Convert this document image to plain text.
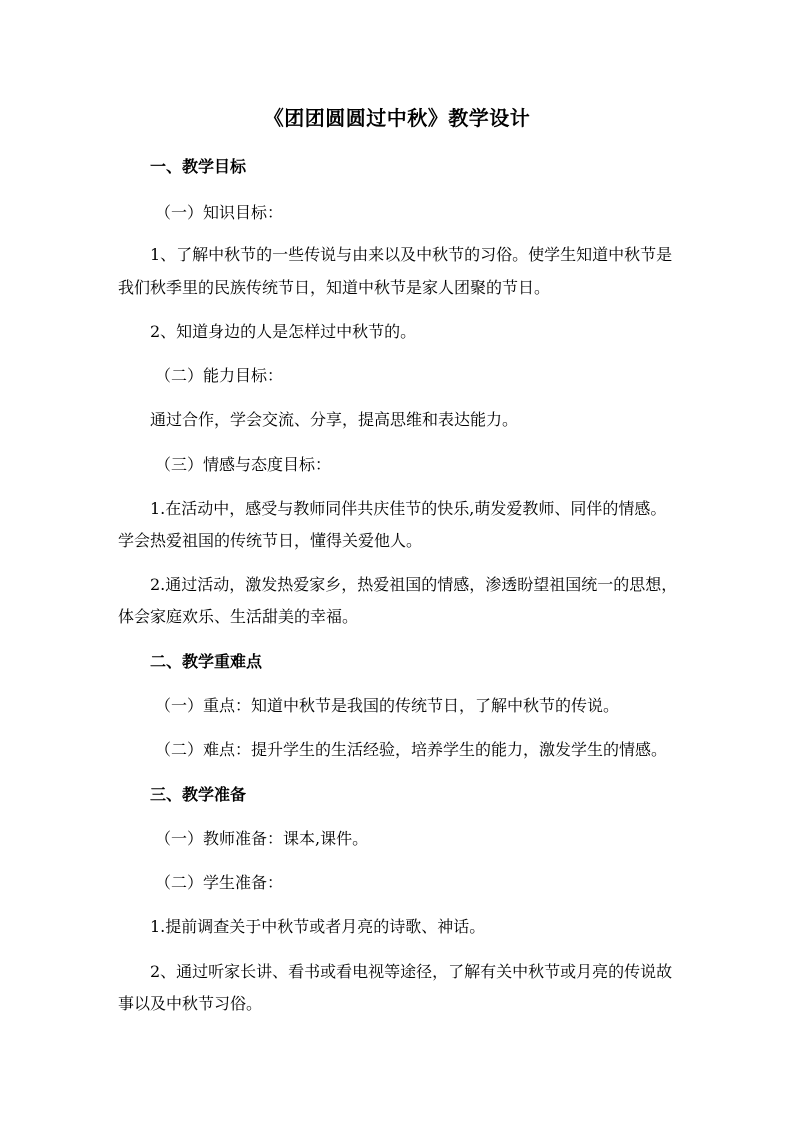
《团团圆圆过中秋》教学设计
一、教学目标
（一）知识目标：
1、了解中秋节的一些传说与由来以及中秋节的习俗。使学生知道中秋节是
我们秋季里的民族传统节日，知道中秋节是家人团聚的节日。
2、知道身边的人是怎样过中秋节的。
（二）能力目标：
通过合作，学会交流、分享，提高思维和表达能力。
（三）情感与态度目标：
1.在活动中，感受与教师同伴共庆佳节的快乐,萌发爱教师、同伴的情感。
学会热爱祖国的传统节日，懂得关爱他人。
2.通过活动，激发热爱家乡，热爱祖国的情感，渗透盼望祖国统一的思想，
体会家庭欢乐、生活甜美的幸福。
二、教学重难点
（一）重点：知道中秋节是我国的传统节日，了解中秋节的传说。
（二）难点：提升学生的生活经验，培养学生的能力，激发学生的情感。
三、教学准备
（一）教师准备：课本,课件。
（二）学生准备：
1.提前调查关于中秋节或者月亮的诗歌、神话。
2、通过听家长讲、看书或看电视等途径，了解有关中秋节或月亮的传说故
事以及中秋节习俗。
